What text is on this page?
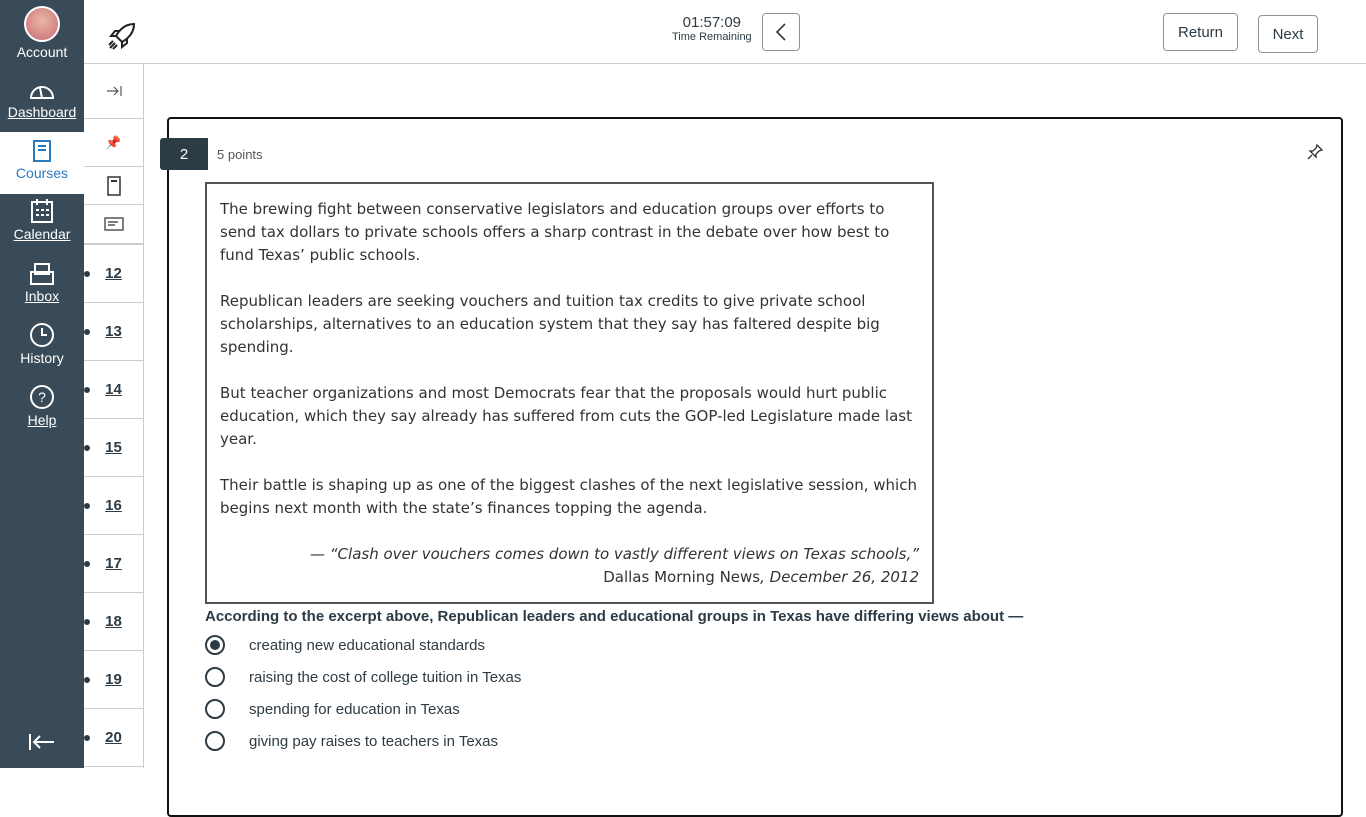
Account
Dashboard
Courses
Calendar
Inbox
History
?
Help
01:57:09
Time Remaining	Return	Next
📌
12
13
14
15
16
17
18
19
20
2	5 points

The brewing fight between conservative legislators and education groups over efforts to send tax dollars to private schools offers a sharp contrast in the debate over how best to fund Texas’ public schools.

Republican leaders are seeking vouchers and tuition tax credits to give private school scholarships, alternatives to an education system that they say has faltered despite big spending.

But teacher organizations and most Democrats fear that the proposals would hurt public education, which they say already has suffered from cuts the GOP-led Legislature made last year.

Their battle is shaping up as one of the biggest clashes of the next legislative session, which begins next month with the state’s finances topping the agenda.

— “Clash over vouchers comes down to vastly different views on Texas schools,”
Dallas Morning News, December 26, 2012
According to the excerpt above, Republican leaders and educational groups in Texas have differing views about —
creating new educational standards
raising the cost of college tuition in Texas
spending for education in Texas
giving pay raises to teachers in Texas
